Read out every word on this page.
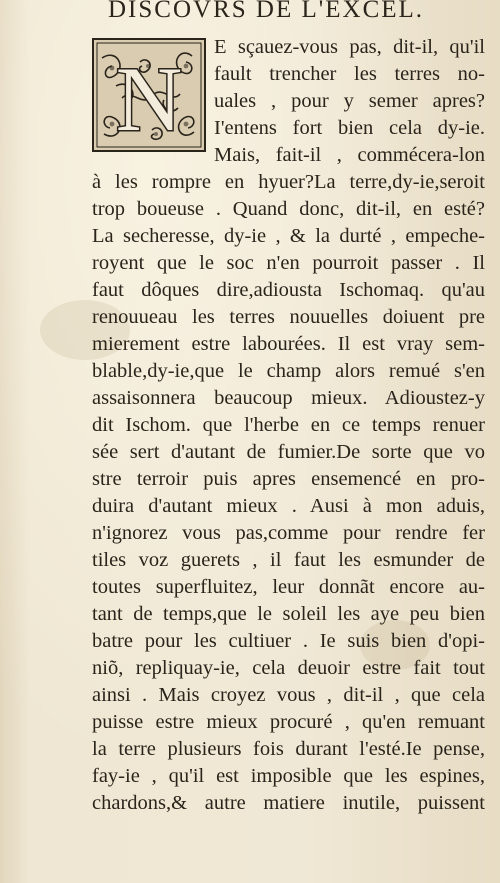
DISCOVRS DE L'EXCEL.
N
E sçauez-vous pas, dit-il, qu'il
fault trencher les terres no-
uales , pour y semer apres?
I'entens fort bien cela dy-ie.
Mais, fait-il , commécera-lon
à les rompre en hyuer?La terre,dy-ie,seroit
trop boueuse . Quand donc, dit-il, en esté?
La secheresse, dy-ie , & la durté , empeche-
royent que le soc n'en pourroit passer . Il
faut dôques dire,adiousta Ischomaq. qu'au
renouueau les terres nouuelles doiuent pre
mierement estre labourées. Il est vray sem-
blable,dy-ie,que le champ alors remué s'en
assaisonnera beaucoup mieux. Adioustez-y
dit Ischom. que l'herbe en ce temps renuer
sée sert d'autant de fumier.De sorte que vo
stre terroir puis apres ensemencé en pro-
duira d'autant mieux . Ausi à mon aduis,
n'ignorez vous pas,comme pour rendre fer
tiles voz guerets , il faut les esmunder de
toutes superfluitez, leur donnãt encore au-
tant de temps,que le soleil les aye peu bien
batre pour les cultiuer . Ie suis bien d'opi-
niõ, repliquay-ie, cela deuoir estre fait tout
ainsi . Mais croyez vous , dit-il , que cela
puisse estre mieux procuré , qu'en remuant
la terre plusieurs fois durant l'esté.Ie pense,
fay-ie , qu'il est imposible que les espines,
chardons,& autre matiere inutile, puissent
